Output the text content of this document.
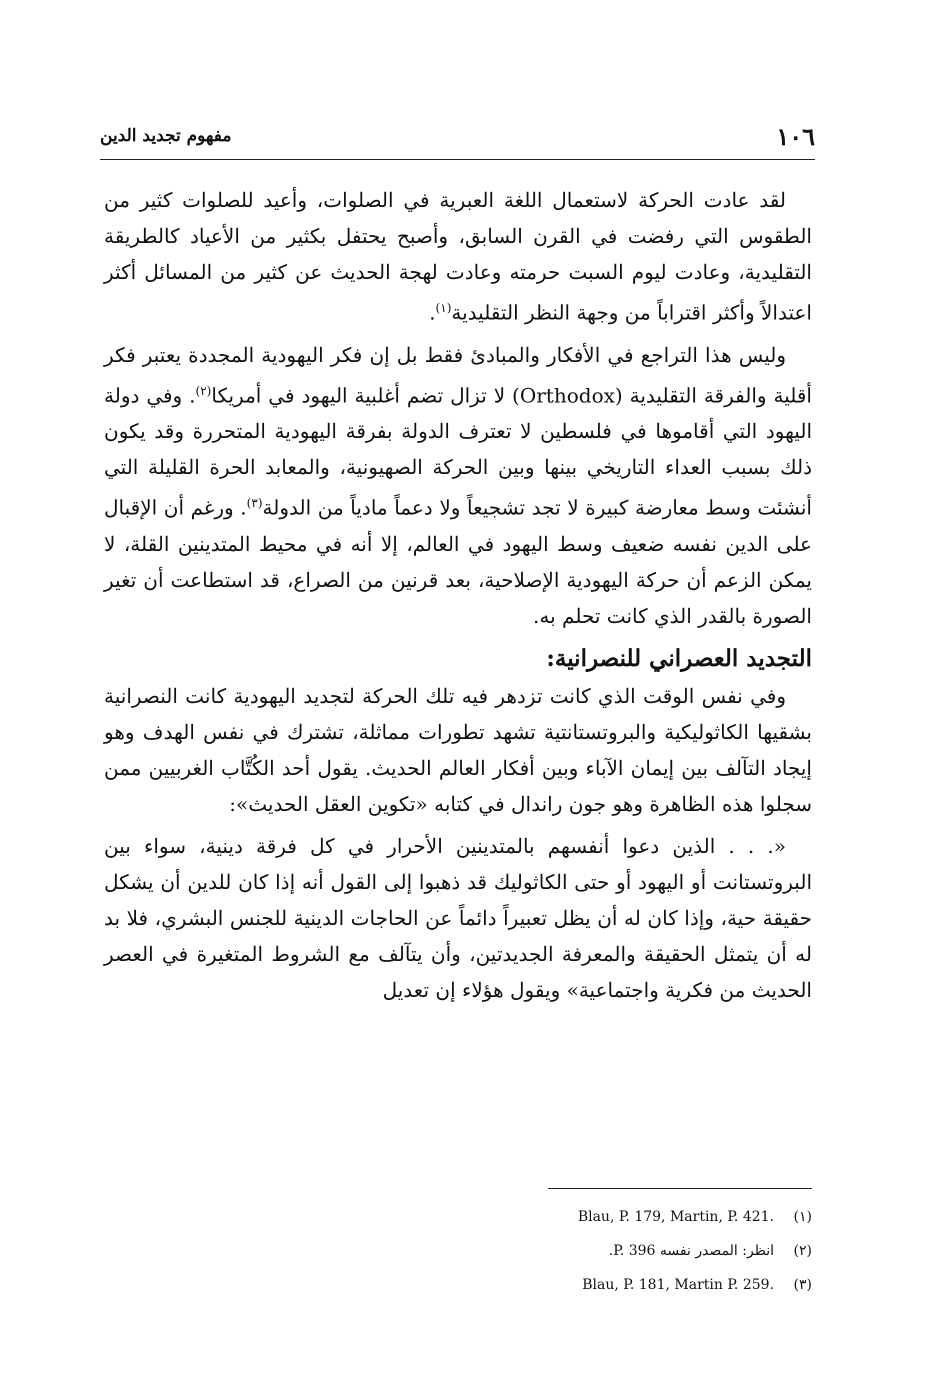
١٠٦
مفهوم تجديد الدين

لقد عادت الحركة لاستعمال اللغة العبرية في الصلوات، وأعيد للصلوات كثير من الطقوس التي رفضت في القرن السابق، وأصبح يحتفل بكثير من الأعياد كالطريقة التقليدية، وعادت ليوم السبت حرمته وعادت لهجة الحديث عن كثير من المسائل أكثر اعتدالاً وأكثر اقتراباً من وجهة النظر التقليدية$^{(١)}$.

وليس هذا التراجع في الأفكار والمبادئ فقط بل إن فكر اليهودية المجددة يعتبر فكر أقلية والفرقة التقليدية (Orthodox) لا تزال تضم أغلبية اليهود في أمريكا$^{(٢)}$. وفي دولة اليهود التي أقاموها في فلسطين لا تعترف الدولة بفرقة اليهودية المتحررة وقد يكون ذلك بسبب العداء التاريخي بينها وبين الحركة الصهيونية، والمعابد الحرة القليلة التي أنشئت وسط معارضة كبيرة لا تجد تشجيعاً ولا دعماً مادياً من الدولة$^{(٣)}$. ورغم أن الإقبال على الدين نفسه ضعيف وسط اليهود في العالم، إلا أنه في محيط المتدينين القلة، لا يمكن الزعم أن حركة اليهودية الإصلاحية، بعد قرنين من الصراع، قد استطاعت أن تغير الصورة بالقدر الذي كانت تحلم به.

التجديد العصراني للنصرانية:

وفي نفس الوقت الذي كانت تزدهر فيه تلك الحركة لتجديد اليهودية كانت النصرانية بشقيها الكاثوليكية والبروتستانتية تشهد تطورات مماثلة، تشترك في نفس الهدف وهو إيجاد التآلف بين إيمان الآباء وبين أفكار العالم الحديث. يقول أحد الكُتَّاب الغربيين ممن سجلوا هذه الظاهرة وهو جون راندال في كتابه «تكوين العقل الحديث»:

«. . . الذين دعوا أنفسهم بالمتدينين الأحرار في كل فرقة دينية، سواء بين البروتستانت أو اليهود أو حتى الكاثوليك قد ذهبوا إلى القول أنه إذا كان للدين أن يشكل حقيقة حية، وإذا كان له أن يظل تعبيراً دائماً عن الحاجات الدينية للجنس البشري، فلا بد له أن يتمثل الحقيقة والمعرفة الجديدتين، وأن يتآلف مع الشروط المتغيرة في العصر الحديث من فكرية واجتماعية» ويقول هؤلاء إن تعديل

(١)
Blau, P. 179, Martin, P. 421.
(٢)
انظر: المصدر نفسه P. 396.
(٣)
Blau, P. 181, Martin P. 259.
